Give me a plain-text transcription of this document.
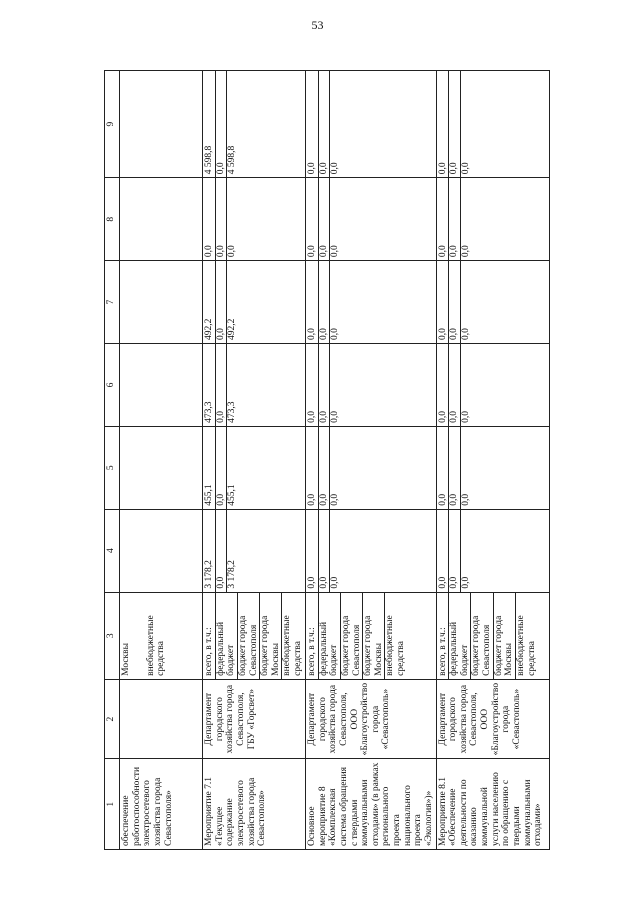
53
1	2	3	4	5	6	7	8	9
обеспечение работоспособности электросетевого хозяйства города Севастополя»		Москвы внебюджетные средства						
Мероприятие 7.1 «Текущее содержание электросетевого хозяйства города Севастополя»	Департамент городского хозяйства города Севастополя, ГБУ «Горсвет»	всего, в т.ч.: федеральный бюджет бюджет города Севастополя бюджет города Москвы внебюджетные средства	3 178,2 0,0 3 178,2	455,1 0,0 455,1	473,3 0,0 473,3	492,2 0,0 492,2	0,0 0,0 0,0	4 598,8 0,0 4 598,8

Основное мероприятие 8 «Комплексная система обращения с твердыми коммунальными отходами» (в рамках регионального проекта национального проекта «Экология»)»	Департамент городского хозяйства города Севастополя, ООО «Благоустройство города «Севастополь»	всего, в т.ч.: федеральный бюджет бюджет города Севастополя бюджет города Москвы внебюджетные средства	0,0 0,0 0,0	0,0 0,0 0,0	0,0 0,0 0,0	0,0 0,0 0,0	0,0 0,0 0,0	0,0 0,0 0,0

Мероприятие 8.1 «Обеспечение деятельности по оказанию коммунальной услуги населению по обращению с твердыми коммунальными отходами»	Департамент городского хозяйства города Севастополя, ООО «Благоустройство города «Севастополь»	всего, в т.ч.: федеральный бюджет бюджет города Севастополя бюджет города Москвы внебюджетные средства	0,0 0,0 0,0	0,0 0,0 0,0	0,0 0,0 0,0	0,0 0,0 0,0	0,0 0,0 0,0	0,0 0,0 0,0
